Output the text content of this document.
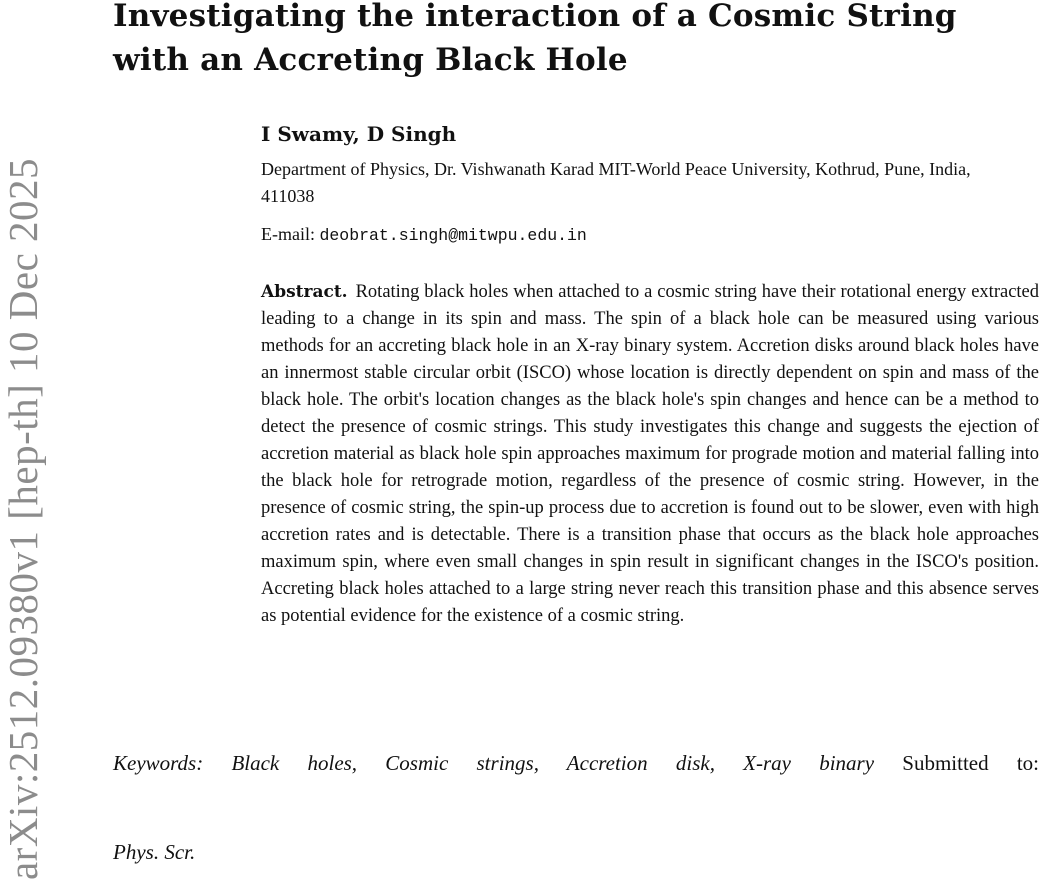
arXiv:2512.09380v1 [hep-th] 10 Dec 2025
Investigating the interaction of a Cosmic String with an Accreting Black Hole

I Swamy, D Singh

Department of Physics, Dr. Vishwanath Karad MIT-World Peace University, Kothrud, Pune, India, 411038

E-mail: deobrat.singh@mitwpu.edu.in

Abstract. Rotating black holes when attached to a cosmic string have their rotational energy extracted leading to a change in its spin and mass. The spin of a black hole can be measured using various methods for an accreting black hole in an X-ray binary system. Accretion disks around black holes have an innermost stable circular orbit (ISCO) whose location is directly dependent on spin and mass of the black hole. The orbit's location changes as the black hole's spin changes and hence can be a method to detect the presence of cosmic strings. This study investigates this change and suggests the ejection of accretion material as black hole spin approaches maximum for prograde motion and material falling into the black hole for retrograde motion, regardless of the presence of cosmic string. However, in the presence of cosmic string, the spin-up process due to accretion is found out to be slower, even with high accretion rates and is detectable. There is a transition phase that occurs as the black hole approaches maximum spin, where even small changes in spin result in significant changes in the ISCO's position. Accreting black holes attached to a large string never reach this transition phase and this absence serves as potential evidence for the existence of a cosmic string.

Keywords: Black holes, Cosmic strings, Accretion disk, X-ray binary Submitted to:

Phys. Scr.
